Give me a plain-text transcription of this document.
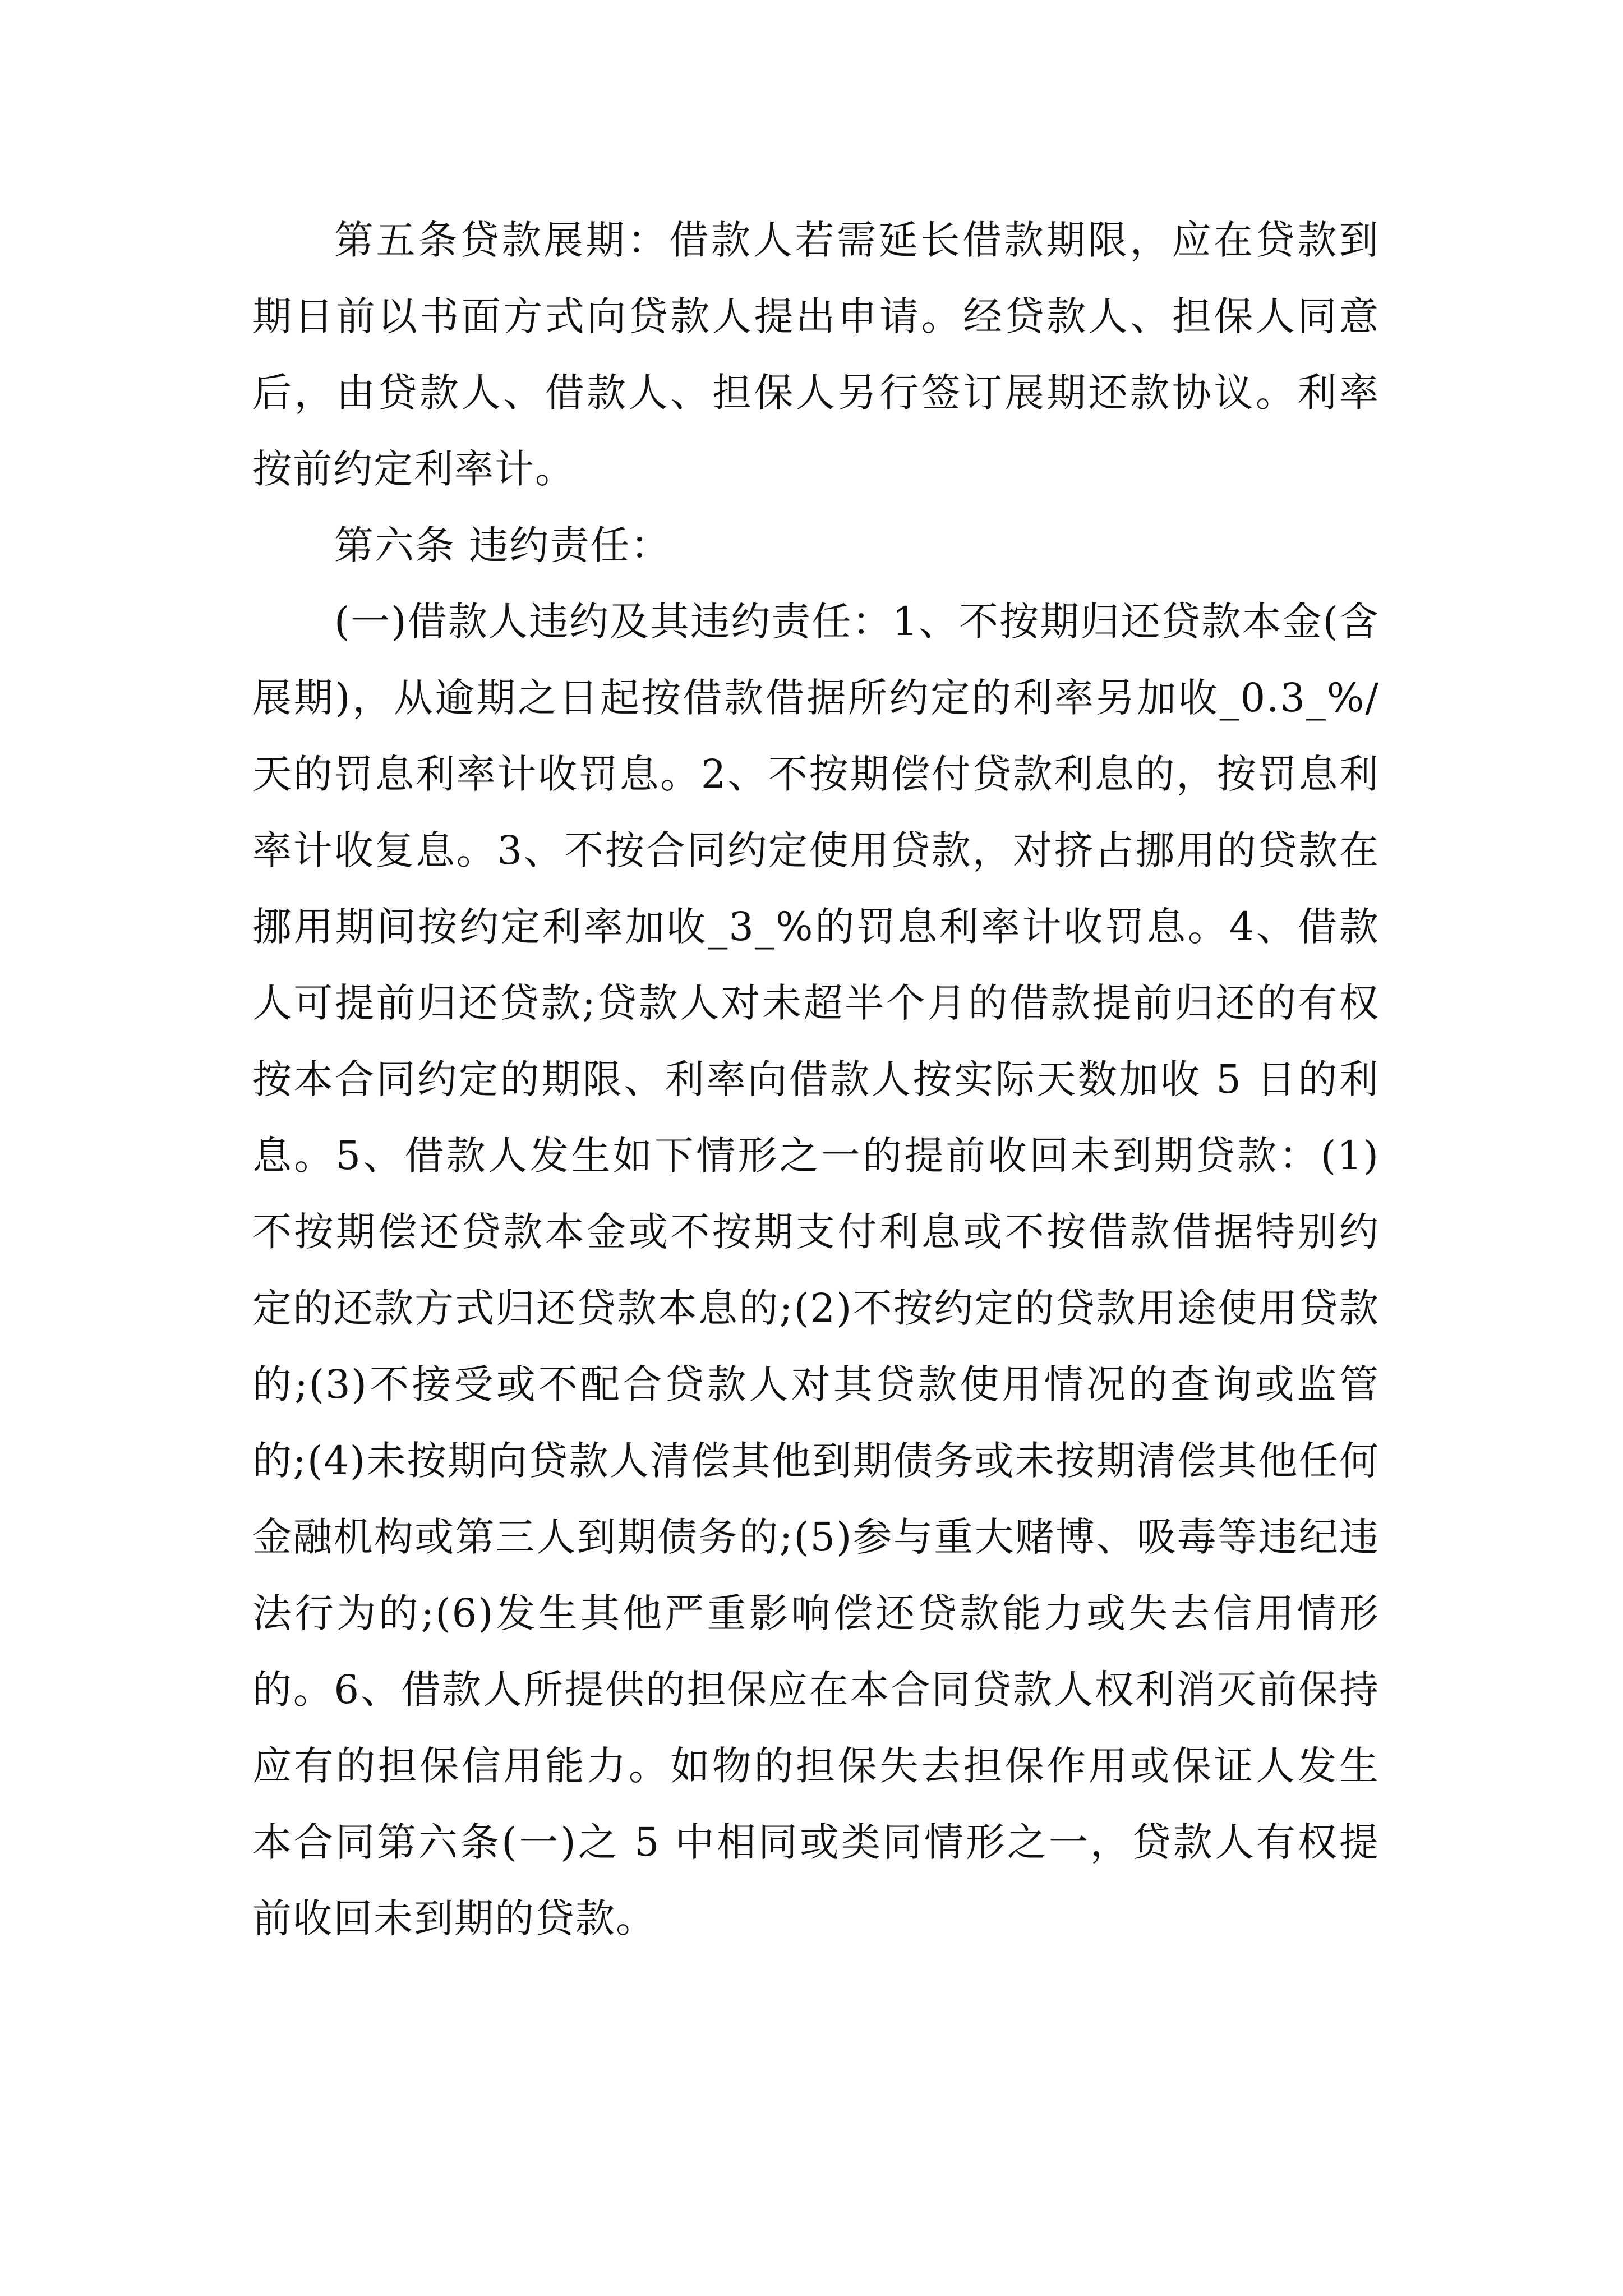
第五条贷款展期：借款人若需延长借款期限，应在贷款到期日前以书面方式向贷款人提出申请。经贷款人、担保人同意后，由贷款人、借款人、担保人另行签订展期还款协议。利率按前约定利率计。

第六条 违约责任：

(一)借款人违约及其违约责任：1、不按期归还贷款本金(含展期)，从逾期之日起按借款借据所约定的利率另加收_0.3_%/天的罚息利率计收罚息。2、不按期偿付贷款利息的，按罚息利率计收复息。3、不按合同约定使用贷款，对挤占挪用的贷款在挪用期间按约定利率加收_3_%的罚息利率计收罚息。4、借款人可提前归还贷款;贷款人对未超半个月的借款提前归还的有权按本合同约定的期限、利率向借款人按实际天数加收 5 日的利息。5、借款人发生如下情形之一的提前收回未到期贷款：(1)不按期偿还贷款本金或不按期支付利息或不按借款借据特别约定的还款方式归还贷款本息的;(2)不按约定的贷款用途使用贷款的;(3)不接受或不配合贷款人对其贷款使用情况的查询或监管的;(4)未按期向贷款人清偿其他到期债务或未按期清偿其他任何金融机构或第三人到期债务的;(5)参与重大赌博、吸毒等违纪违法行为的;(6)发生其他严重影响偿还贷款能力或失去信用情形的。6、借款人所提供的担保应在本合同贷款人权利消灭前保持应有的担保信用能力。如物的担保失去担保作用或保证人发生本合同第六条(一)之 5 中相同或类同情形之一，贷款人有权提前收回未到期的贷款。
